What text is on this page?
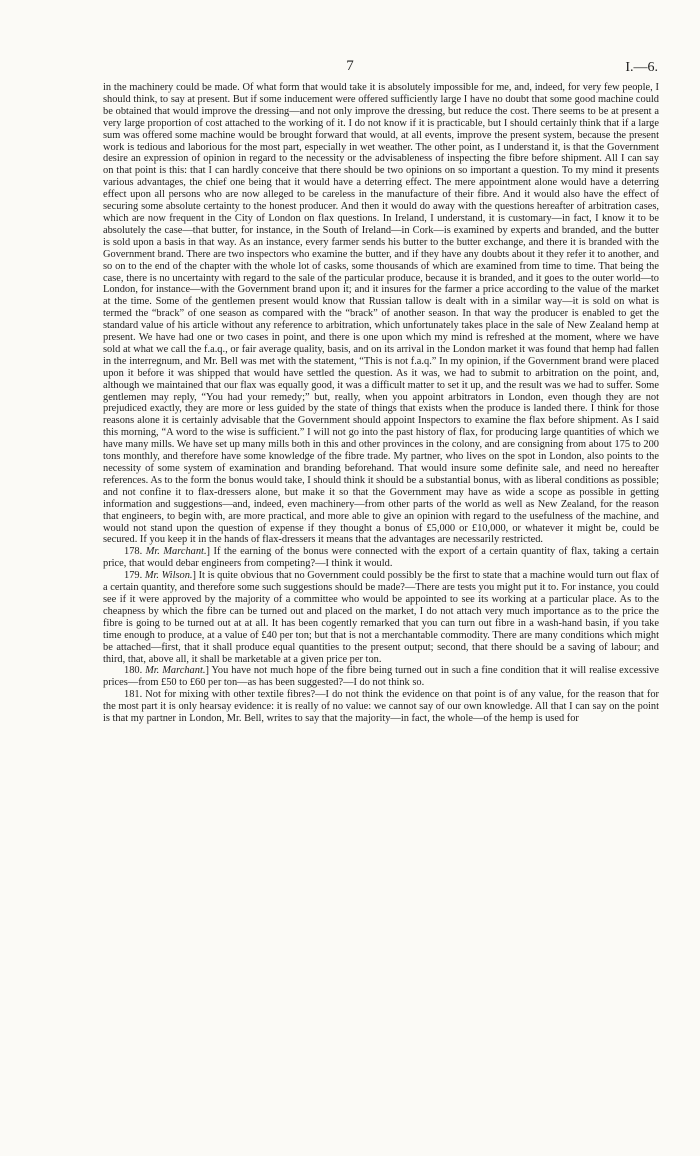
7	I.—6.

in the machinery could be made. Of what form that would take it is absolutely impossible for me, and, indeed, for very few people, I should think, to say at present. But if some inducement were offered sufficiently large I have no doubt that some good machine could be obtained that would improve the dressing—and not only improve the dressing, but reduce the cost. There seems to be at present a very large proportion of cost attached to the working of it. I do not know if it is practicable, but I should certainly think that if a large sum was offered some machine would be brought forward that would, at all events, improve the present system, because the present work is tedious and laborious for the most part, especially in wet weather. The other point, as I understand it, is that the Government desire an expression of opinion in regard to the necessity or the advisableness of inspecting the fibre before shipment. All I can say on that point is this: that I can hardly conceive that there should be two opinions on so important a question. To my mind it presents various advantages, the chief one being that it would have a deterring effect. The mere appointment alone would have a deterring effect upon all persons who are now alleged to be careless in the manufacture of their fibre. And it would also have the effect of securing some absolute certainty to the honest producer. And then it would do away with the questions hereafter of arbitration cases, which are now frequent in the City of London on flax questions. In Ireland, I understand, it is customary—in fact, I know it to be absolutely the case—that butter, for instance, in the South of Ireland—in Cork—is examined by experts and branded, and the butter is sold upon a basis in that way. As an instance, every farmer sends his butter to the butter exchange, and there it is branded with the Government brand. There are two inspectors who examine the butter, and if they have any doubts about it they refer it to another, and so on to the end of the chapter with the whole lot of casks, some thousands of which are examined from time to time. That being the case, there is no uncertainty with regard to the sale of the particular produce, because it is branded, and it goes to the outer world—to London, for instance—with the Government brand upon it; and it insures for the farmer a price according to the value of the market at the time. Some of the gentlemen present would know that Russian tallow is dealt with in a similar way—it is sold on what is termed the “brack” of one season as compared with the “brack” of another season. In that way the producer is enabled to get the standard value of his article without any reference to arbitration, which unfortunately takes place in the sale of New Zealand hemp at present. We have had one or two cases in point, and there is one upon which my mind is refreshed at the moment, where we have sold at what we call the f.a.q., or fair average quality, basis, and on its arrival in the London market it was found that hemp had fallen in the interregnum, and Mr. Bell was met with the statement, “This is not f.a.q.” In my opinion, if the Government brand were placed upon it before it was shipped that would have settled the question. As it was, we had to submit to arbitration on the point, and, although we maintained that our flax was equally good, it was a difficult matter to set it up, and the result was we had to suffer. Some gentlemen may reply, “You had your remedy;” but, really, when you appoint arbitrators in London, even though they are not prejudiced exactly, they are more or less guided by the state of things that exists when the produce is landed there. I think for those reasons alone it is certainly advisable that the Government should appoint Inspectors to examine the flax before shipment. As I said this morning, “A word to the wise is sufficient.” I will not go into the past history of flax, for producing large quantities of which we have many mills. We have set up many mills both in this and other provinces in the colony, and are consigning from about 175 to 200 tons monthly, and therefore have some knowledge of the fibre trade. My partner, who lives on the spot in London, also points to the necessity of some system of examination and branding beforehand. That would insure some definite sale, and need no hereafter references. As to the form the bonus would take, I should think it should be a substantial bonus, with as liberal conditions as possible; and not confine it to flax-dressers alone, but make it so that the Government may have as wide a scope as possible in getting information and suggestions—and, indeed, even machinery—from other parts of the world as well as New Zealand, for the reason that engineers, to begin with, are more practical, and more able to give an opinion with regard to the usefulness of the machine, and would not stand upon the question of expense if they thought a bonus of £5,000 or £10,000, or whatever it might be, could be secured. If you keep it in the hands of flax-dressers it means that the advantages are necessarily restricted.

178. Mr. Marchant.] If the earning of the bonus were connected with the export of a certain quantity of flax, taking a certain price, that would debar engineers from competing?—I think it would.

179. Mr. Wilson.] It is quite obvious that no Government could possibly be the first to state that a machine would turn out flax of a certain quantity, and therefore some such suggestions should be made?—There are tests you might put it to. For instance, you could see if it were approved by the majority of a committee who would be appointed to see its working at a particular place. As to the cheapness by which the fibre can be turned out and placed on the market, I do not attach very much importance as to the price the fibre is going to be turned out at at all. It has been cogently remarked that you can turn out fibre in a wash-hand basin, if you take time enough to produce, at a value of £40 per ton; but that is not a merchantable commodity. There are many conditions which might be attached—first, that it shall produce equal quantities to the present output; second, that there should be a saving of labour; and third, that, above all, it shall be marketable at a given price per ton.

180. Mr. Marchant.] You have not much hope of the fibre being turned out in such a fine condition that it will realise excessive prices—from £50 to £60 per ton—as has been suggested?—I do not think so.

181. Not for mixing with other textile fibres?—I do not think the evidence on that point is of any value, for the reason that for the most part it is only hearsay evidence: it is really of no value: we cannot say of our own knowledge. All that I can say on the point is that my partner in London, Mr. Bell, writes to say that the majority—in fact, the whole—of the hemp is used for
